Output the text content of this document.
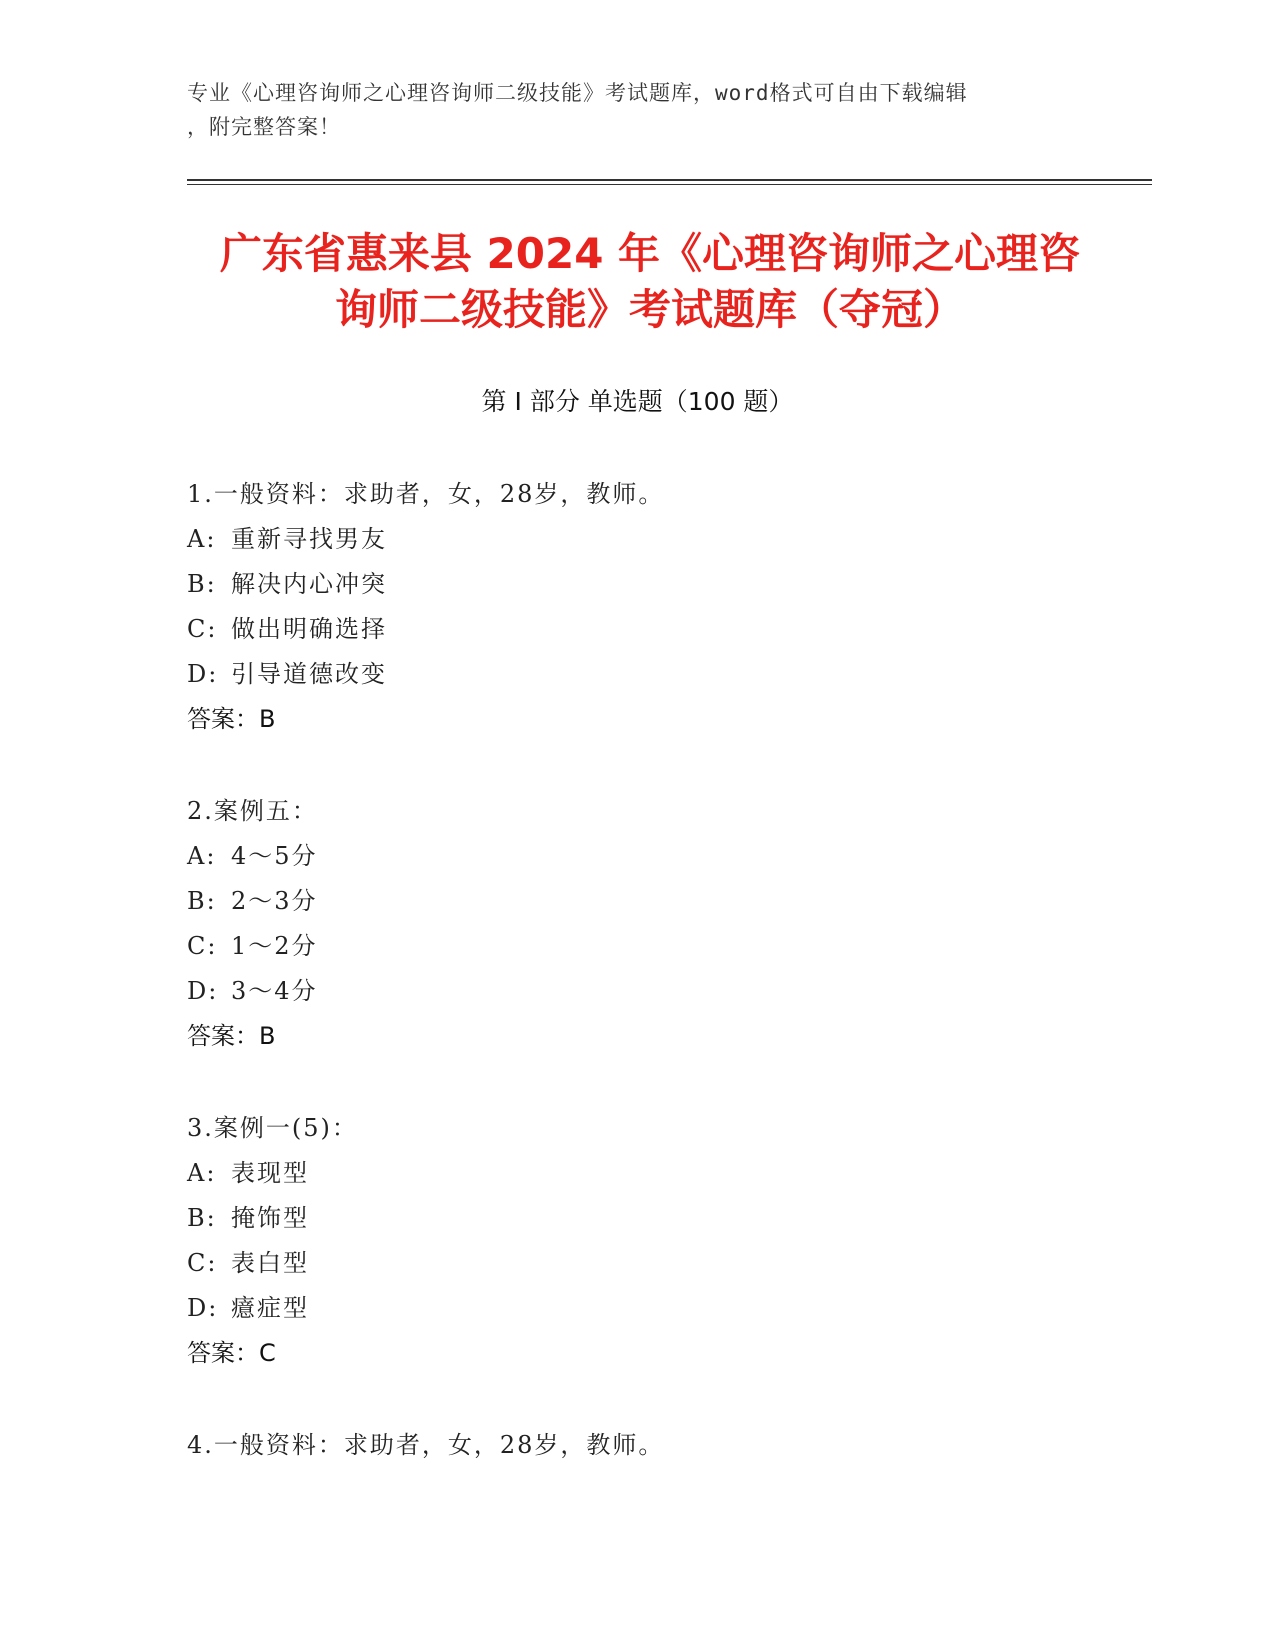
专业《心理咨询师之心理咨询师二级技能》考试题库，word格式可自由下载编辑
，附完整答案！
广东省惠来县 2024 年《心理咨询师之心理咨
询师二级技能》考试题库（夺冠）
第 I 部分 单选题（100 题）
1.一般资料：求助者，女，28岁，教师。
A: 重新寻找男友
B: 解决内心冲突
C: 做出明确选择
D: 引导道德改变
答案：B
2.案例五：
A: 4～5分
B: 2～3分
C: 1～2分
D: 3～4分
答案：B
3.案例一(5)：
A: 表现型
B: 掩饰型
C: 表白型
D: 癔症型
答案：C
4.一般资料：求助者，女，28岁，教师。
